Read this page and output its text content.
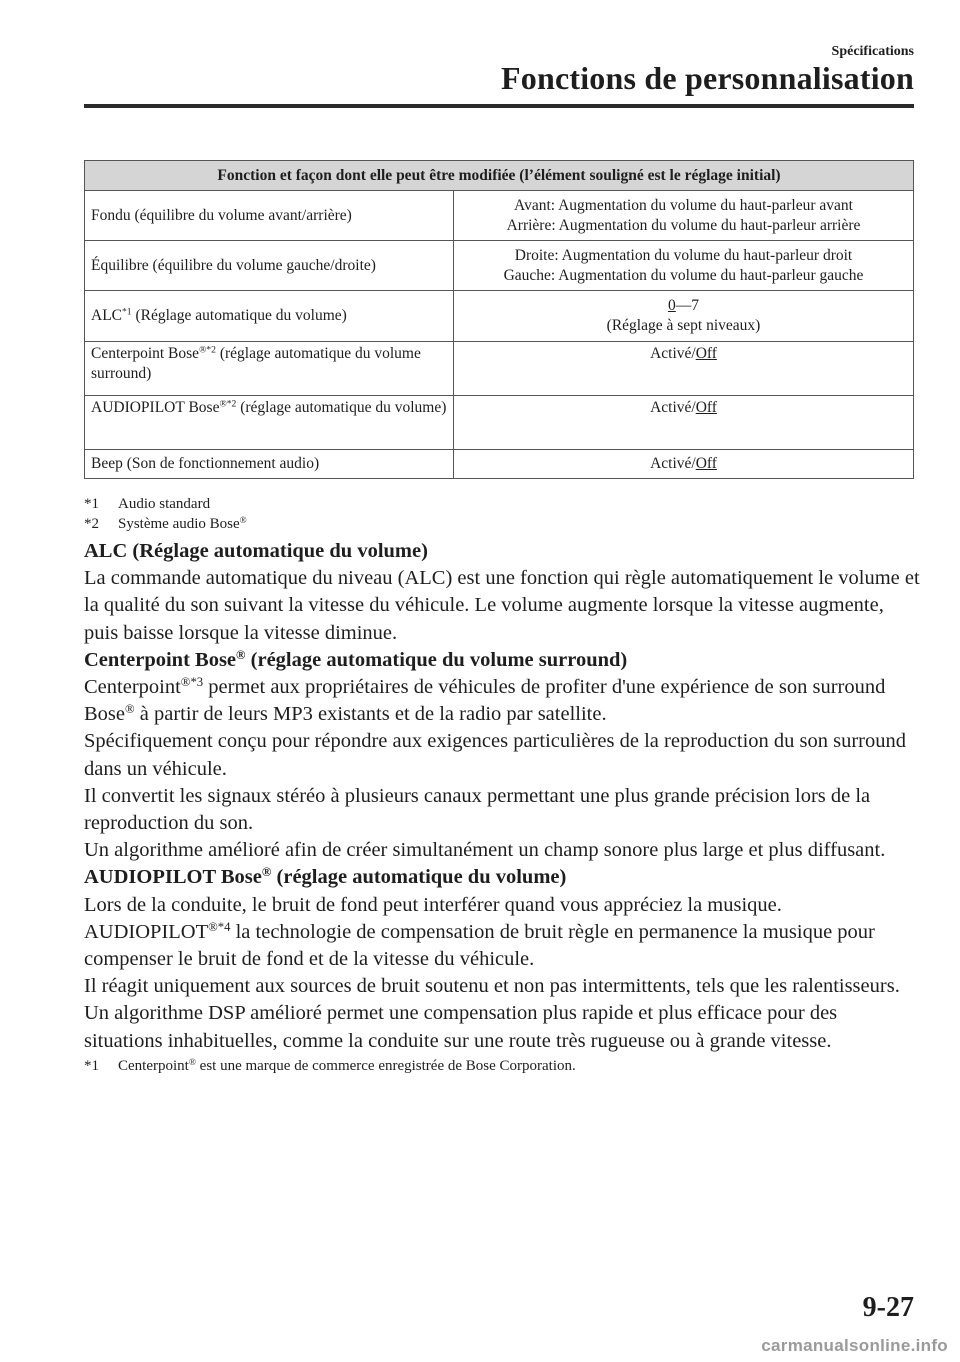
Spécifications
Fonctions de personnalisation
Fonction et façon dont elle peut être modifiée (l’élément souligné est le réglage initial)	
Fondu (équilibre du volume avant/arrière)	Avant: Augmentation du volume du haut-parleur avant
Arrière: Augmentation du volume du haut-parleur arrière

Équilibre (équilibre du volume gauche/droite)	Droite: Augmentation du volume du haut-parleur droit
Gauche: Augmentation du volume du haut-parleur gauche

ALC$^{*1}$ (Réglage automatique du volume)	0—7
(Réglage à sept niveaux)

Centerpoint Bose$^{®*2}$ (réglage automatique du volume surround)	Activé/Off
AUDIOPILOT Bose$^{®*2}$ (réglage automatique du volume)	Activé/Off
Beep (Son de fonctionnement audio)	Activé/Off
*1 Audio standard
*2 Système audio Bose®
ALC (Réglage automatique du volume)

La commande automatique du niveau (ALC) est une fonction qui règle automatiquement le volume et la qualité du son suivant la vitesse du véhicule. Le volume augmente lorsque la vitesse augmente, puis baisse lorsque la vitesse diminue.

Centerpoint Bose® (réglage automatique du volume surround)

Centerpoint$^{®*3}$ permet aux propriétaires de véhicules de profiter d'une expérience de son surround Bose® à partir de leurs MP3 existants et de la radio par satellite.

Spécifiquement conçu pour répondre aux exigences particulières de la reproduction du son surround dans un véhicule.

Il convertit les signaux stéréo à plusieurs canaux permettant une plus grande précision lors de la reproduction du son.

Un algorithme amélioré afin de créer simultanément un champ sonore plus large et plus diffusant.

AUDIOPILOT Bose® (réglage automatique du volume)

Lors de la conduite, le bruit de fond peut interférer quand vous appréciez la musique.

$AUDIOPILOT^{®*4}$ la technologie de compensation de bruit règle en permanence la musique pour compenser le bruit de fond et de la vitesse du véhicule.

Il réagit uniquement aux sources de bruit soutenu et non pas intermittents, tels que les ralentisseurs.

Un algorithme DSP amélioré permet une compensation plus rapide et plus efficace pour des situations inhabituelles, comme la conduite sur une route très rugueuse ou à grande vitesse.

*1 Centerpoint® est une marque de commerce enregistrée de Bose Corporation.

9-27
carmanualsonline.info
